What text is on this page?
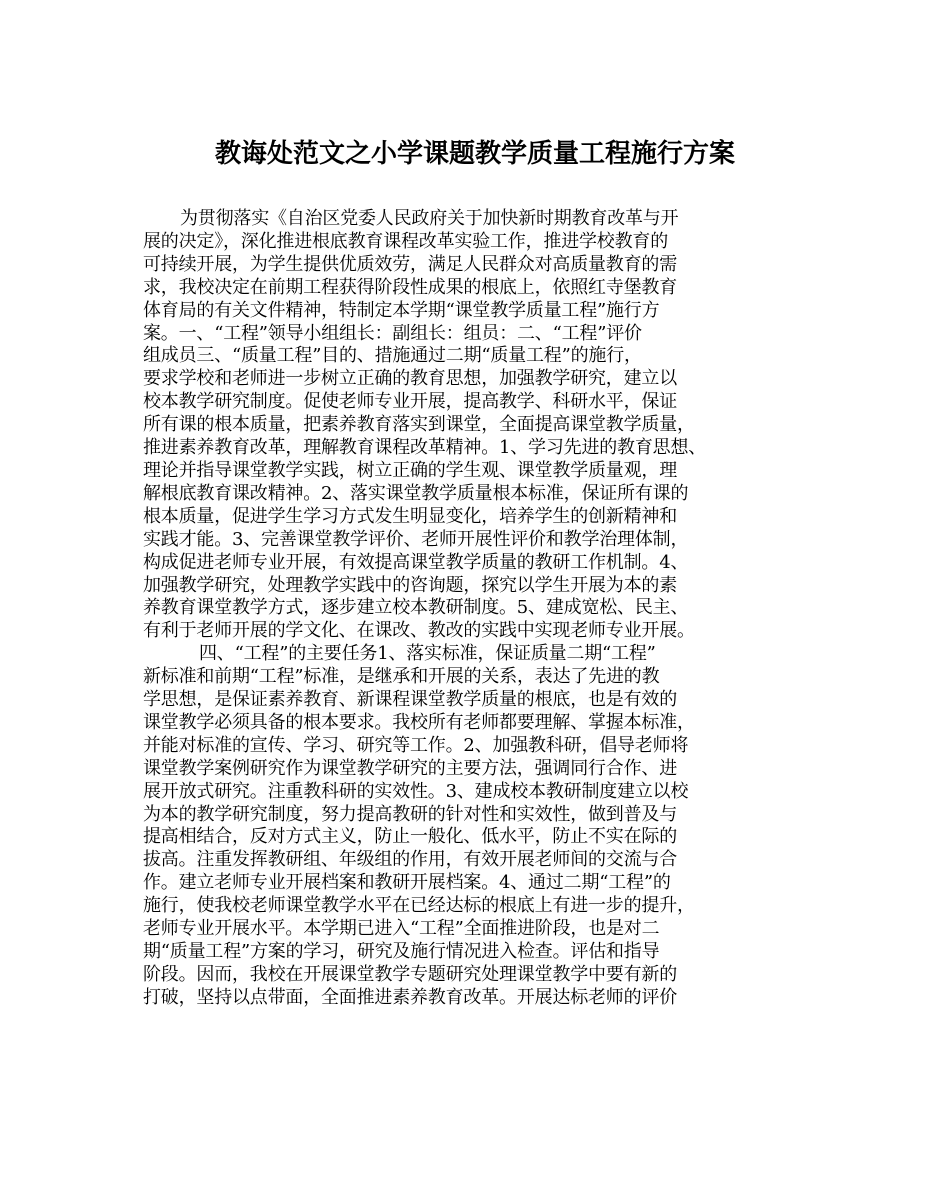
教诲处范文之小学课题教学质量工程施行方案
为贯彻落实《自治区党委人民政府关于加快新时期教育改革与开
展的决定》，深化推进根底教育课程改革实验工作，推进学校教育的
可持续开展，为学生提供优质效劳，满足人民群众对高质量教育的需
求，我校决定在前期工程获得阶段性成果的根底上，依照红寺堡教育
体育局的有关文件精神，特制定本学期“课堂教学质量工程”施行方
案。一、“工程”领导小组组长：副组长：组员：二、“工程”评价
组成员三、“质量工程”目的、措施通过二期“质量工程”的施行，
要求学校和老师进一步树立正确的教育思想，加强教学研究，建立以
校本教学研究制度。促使老师专业开展，提高教学、科研水平，保证
所有课的根本质量，把素养教育落实到课堂，全面提高课堂教学质量，
推进素养教育改革，理解教育课程改革精神。1、学习先进的教育思想、
理论并指导课堂教学实践，树立正确的学生观、课堂教学质量观，理
解根底教育课改精神。2、落实课堂教学质量根本标准，保证所有课的
根本质量，促进学生学习方式发生明显变化，培养学生的创新精神和
实践才能。3、完善课堂教学评价、老师开展性评价和教学治理体制，
构成促进老师专业开展，有效提高课堂教学质量的教研工作机制。4、
加强教学研究，处理教学实践中的咨询题，探究以学生开展为本的素
养教育课堂教学方式，逐步建立校本教研制度。5、建成宽松、民主、
有利于老师开展的学文化、在课改、教改的实践中实现老师专业开展。
四、“工程”的主要任务1、落实标准，保证质量二期“工程”
新标准和前期“工程”标准，是继承和开展的关系，表达了先进的教
学思想，是保证素养教育、新课程课堂教学质量的根底，也是有效的
课堂教学必须具备的根本要求。我校所有老师都要理解、掌握本标准，
并能对标准的宣传、学习、研究等工作。2、加强教科研，倡导老师将
课堂教学案例研究作为课堂教学研究的主要方法，强调同行合作、进
展开放式研究。注重教科研的实效性。3、建成校本教研制度建立以校
为本的教学研究制度，努力提高教研的针对性和实效性，做到普及与
提高相结合，反对方式主义，防止一般化、低水平，防止不实在际的
拔高。注重发挥教研组、年级组的作用，有效开展老师间的交流与合
作。建立老师专业开展档案和教研开展档案。4、通过二期“工程”的
施行，使我校老师课堂教学水平在已经达标的根底上有进一步的提升，
老师专业开展水平。本学期已进入“工程”全面推进阶段，也是对二
期“质量工程”方案的学习，研究及施行情况进入检查。评估和指导
阶段。因而，我校在开展课堂教学专题研究处理课堂教学中要有新的
打破，坚持以点带面，全面推进素养教育改革。开展达标老师的评价
